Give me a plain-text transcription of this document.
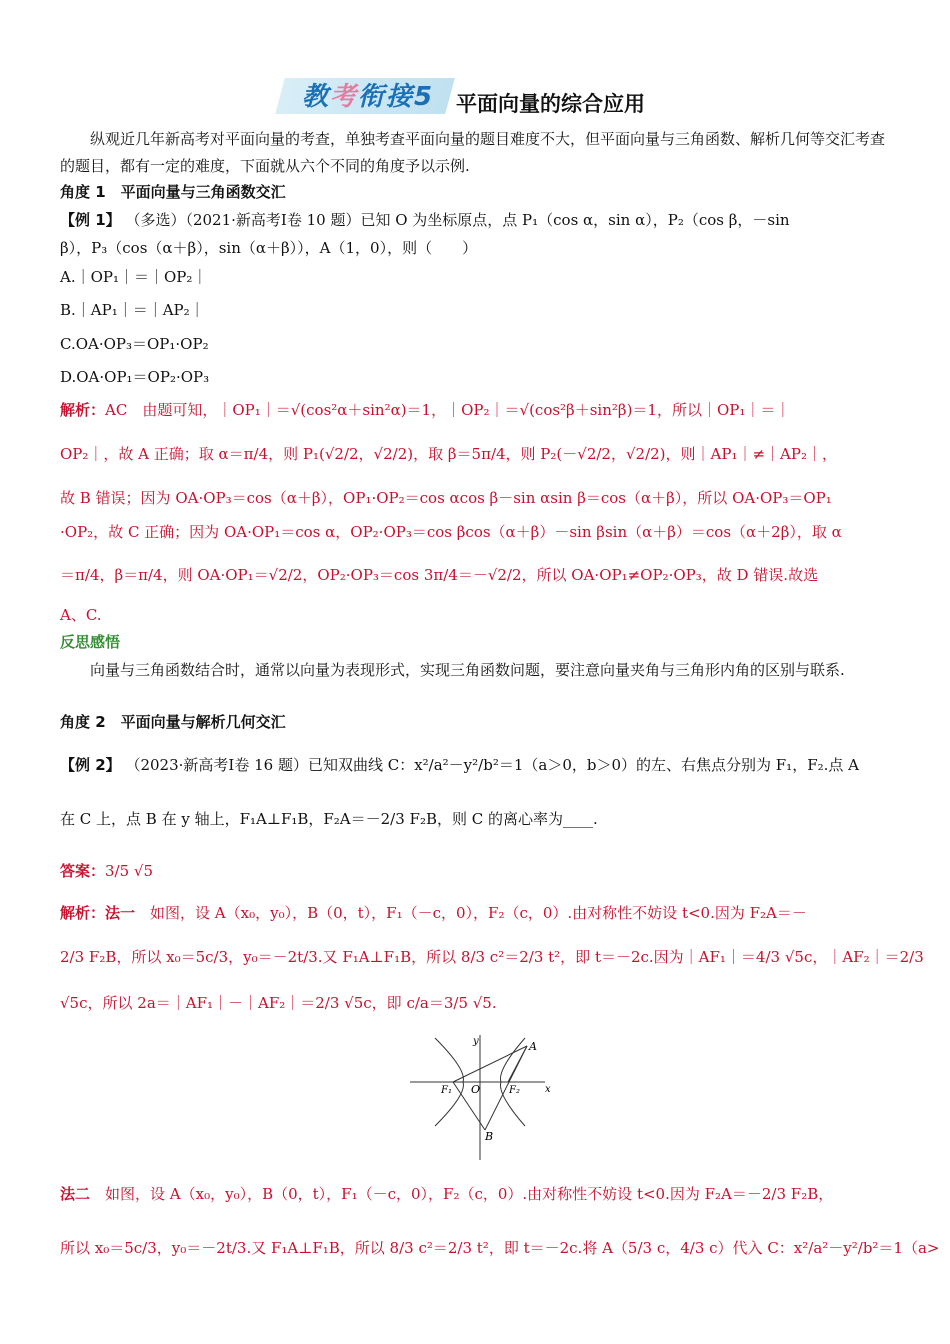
教考衔接5 平面向量的综合应用
纵观近几年新高考对平面向量的考查，单独考查平面向量的题目难度不大，但平面向量与三角函数、解析几何等交汇考查的题目，都有一定的难度，下面就从六个不同的角度予以示例.
角度 1　平面向量与三角函数交汇
【例 1】 （多选）（2021·新高考Ⅰ卷 10 题）已知 O 为坐标原点，点 P₁（cos α，sin α），P₂（cos β，－sin
β），P₃（cos（α＋β），sin（α＋β）），A（1，0），则（　　）
A.｜OP₁｜＝｜OP₂｜
B.｜AP₁｜＝｜AP₂｜
C.OA·OP₃＝OP₁·OP₂
D.OA·OP₁＝OP₂·OP₃
解析：AC　由题可知，｜OP₁｜＝√(cos²α＋sin²α)＝1，｜OP₂｜＝√(cos²β＋sin²β)＝1，所以｜OP₁｜＝｜
OP₂｜，故 A 正确；取 α＝π/4，则 P₁(√2/2，√2/2)，取 β＝5π/4，则 P₂(－√2/2，√2/2)，则｜AP₁｜≠｜AP₂｜，
故 B 错误；因为 OA·OP₃＝cos（α＋β），OP₁·OP₂＝cos αcos β－sin αsin β＝cos（α＋β），所以 OA·OP₃＝OP₁
·OP₂，故 C 正确；因为 OA·OP₁＝cos α，OP₂·OP₃＝cos βcos（α＋β）－sin βsin（α＋β）＝cos（α＋2β），取 α
＝π/4，β＝π/4，则 OA·OP₁＝√2/2，OP₂·OP₃＝cos 3π/4＝－√2/2，所以 OA·OP₁≠OP₂·OP₃，故 D 错误.故选
A、C.
反思感悟
向量与三角函数结合时，通常以向量为表现形式，实现三角函数问题，要注意向量夹角与三角形内角的区别与联系.
角度 2　平面向量与解析几何交汇
【例 2】 （2023·新高考Ⅰ卷 16 题）已知双曲线 C：x²/a²－y²/b²＝1（a＞0，b＞0）的左、右焦点分别为 F₁，F₂.点 A
在 C 上，点 B 在 y 轴上，F₁A⊥F₁B，F₂A＝－2/3 F₂B，则 C 的离心率为____.
答案：3/5 √5
解析：法一　 如图，设 A（x₀，y₀），B（0，t），F₁（－c，0），F₂（c，0）.由对称性不妨设 t<0.因为 F₂A＝－
2/3 F₂B，所以 x₀＝5c/3，y₀＝－2t/3.又 F₁A⊥F₁B，所以 8/3 c²＝2/3 t²，即 t＝－2c.因为｜AF₁｜＝4/3 √5c，｜AF₂｜＝2/3
√5c，所以 2a＝｜AF₁｜－｜AF₂｜＝2/3 √5c，即 c/a＝3/5 √5.
y
x
A
B
O
F₁	F₂
法二　 如图，设 A（x₀，y₀），B（0，t），F₁（－c，0），F₂（c，0）.由对称性不妨设 t<0.因为 F₂A＝－2/3 F₂B，
所以 x₀＝5c/3，y₀＝－2t/3.又 F₁A⊥F₁B，所以 8/3 c²＝2/3 t²，即 t＝－2c.将 A（5/3 c，4/3 c）代入 C：x²/a²－y²/b²＝1（a>
